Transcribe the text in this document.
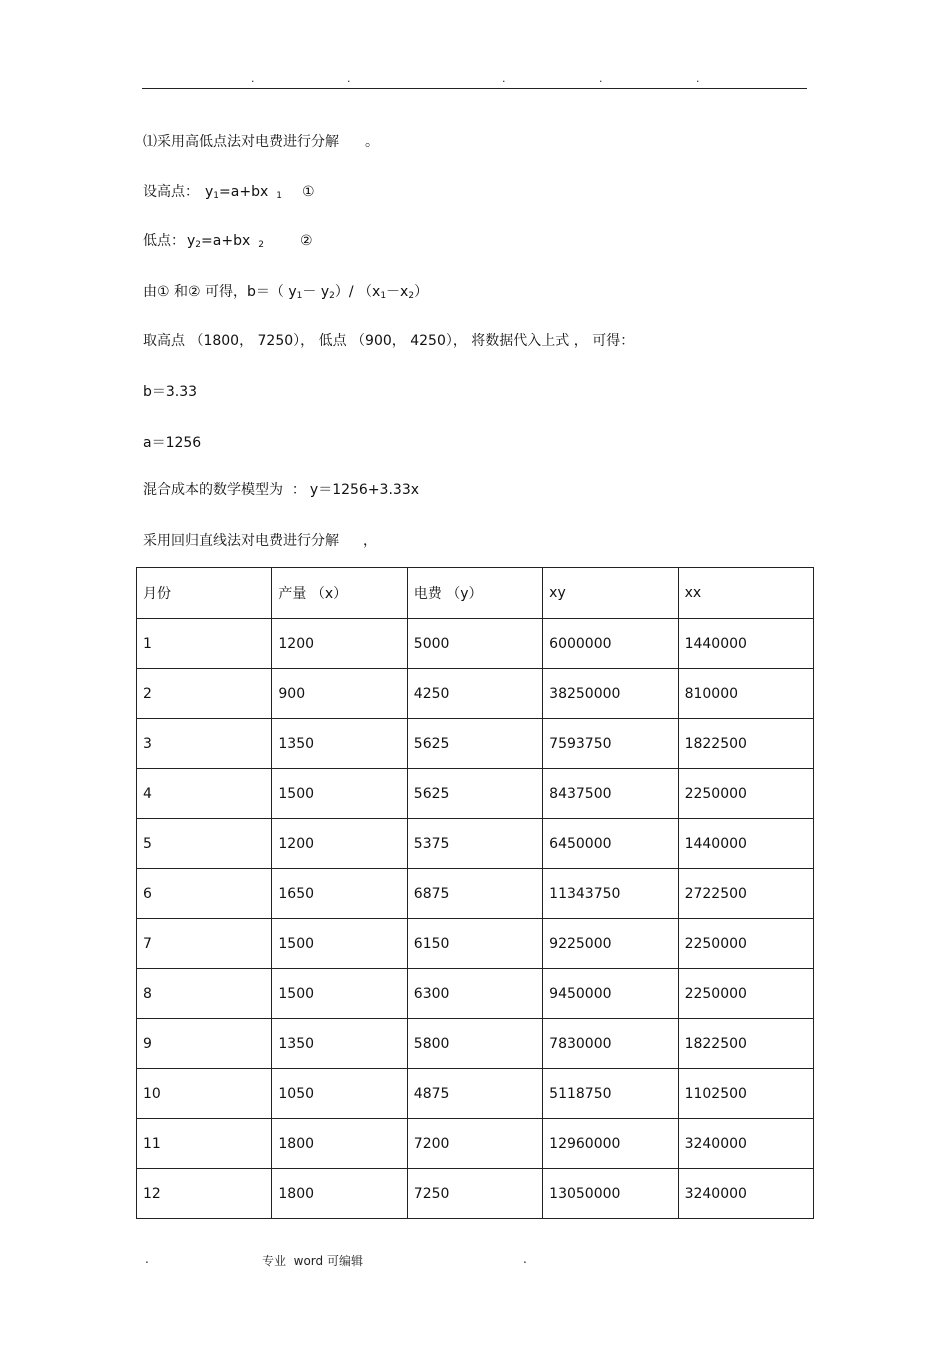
.	.	.	.	.
⑴采用高低点法对电费进行分解 。
设高点： $y_1=a+bx$ $_1$ ①
低点： $y_2=a+bx$ $_2$	②
由① 和② 可得，b＝（ $y_1- y_2)/$ $(x_1-x_2)$
取高点 （1800， 7250）， 低点 （900， 4250）， 将数据代入上式 ， 可得：
b＝3.33
a＝1256
混合成本的数学模型为  ： y＝1256+3.33x
采用回归直线法对电费进行分解 ，
月份	产量 （x）	电费 （y）	xy	xx
1	1200	5000	6000000	1440000
2	900	4250	38250000	810000
3	1350	5625	7593750	1822500
4	1500	5625	8437500	2250000
5	1200	5375	6450000	1440000
6	1650	6875	11343750	2722500
7	1500	6150	9225000	2250000
8	1500	6300	9450000	2250000
9	1350	5800	7830000	1822500
10	1050	4875	5118750	1102500
11	1800	7200	12960000	3240000
12	1800	7250	13050000	3240000
.	专业  word 可编辑	.
